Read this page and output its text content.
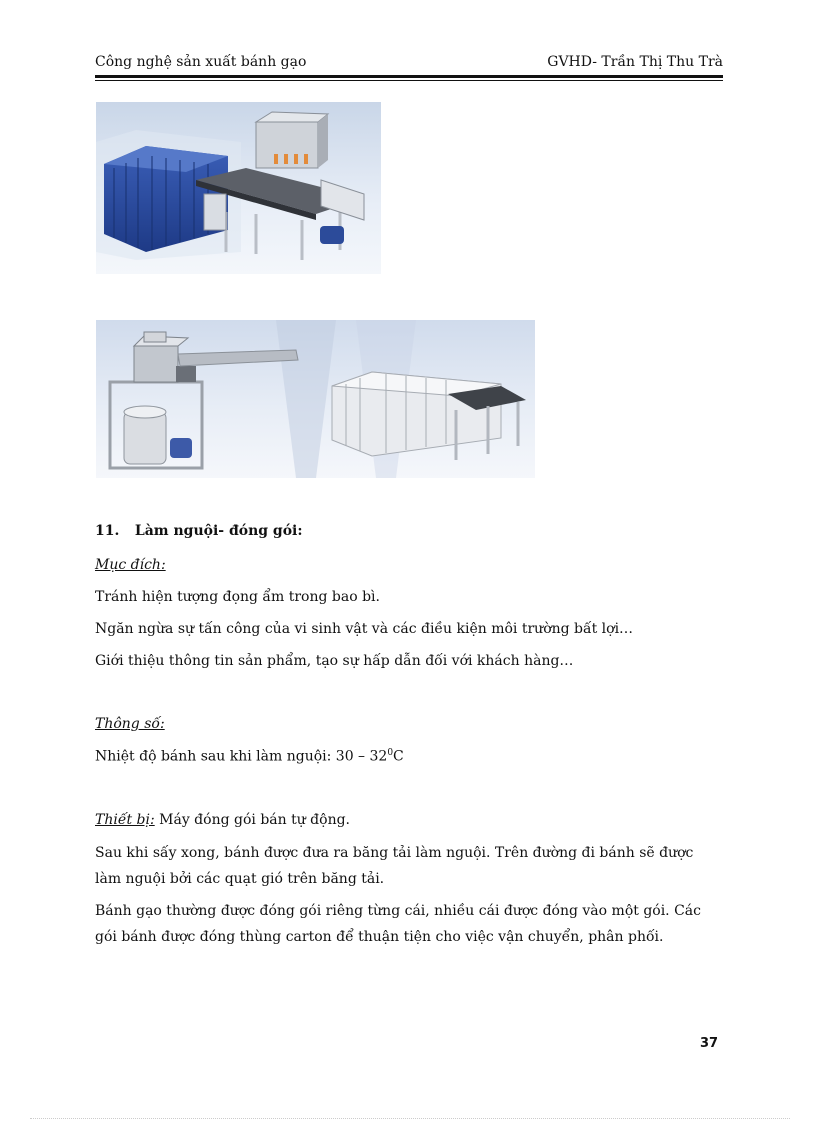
Công nghệ sản xuất bánh gạo	GVHD- Trần Thị Thu Trà
11. Làm nguội- đóng gói:
Mục đích:
Tránh hiện tượng đọng ẩm trong bao bì.
Ngăn ngừa sự tấn công của vi sinh vật và các điều kiện môi trường bất lợi…
Giới thiệu thông tin sản phẩm, tạo sự hấp dẫn đối với khách hàng…
Thông số:
Nhiệt độ bánh sau khi làm nguội: $30 - 32^0C$
Thiết bị: Máy đóng gói bán tự động.
Sau khi sấy xong, bánh được đưa ra băng tải làm nguội. Trên đường đi bánh sẽ được làm nguội bởi các quạt gió trên băng tải.
Bánh gạo thường được đóng gói riêng từng cái, nhiều cái được đóng vào một gói. Các gói bánh được đóng thùng carton để thuận tiện cho việc vận chuyển, phân phối.
37
